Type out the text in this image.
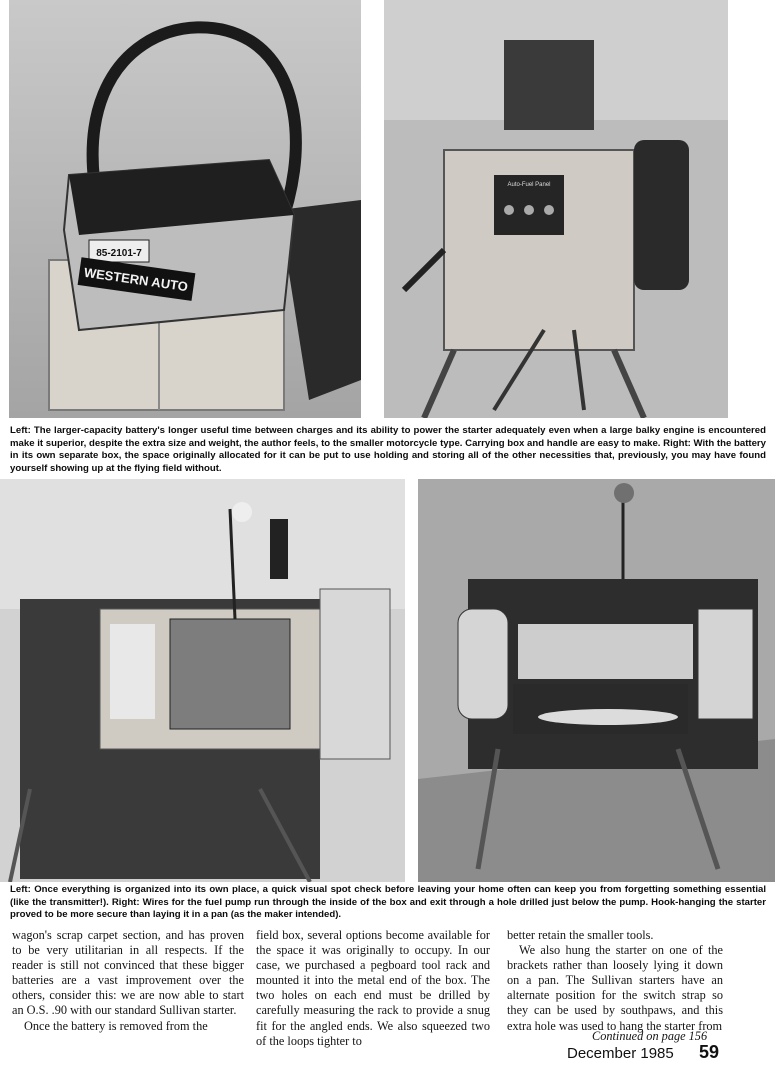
85-2101-7
WESTERN AUTO
Auto-Fuel Panel
Left: The larger-capacity battery's longer useful time between charges and its ability to power the starter adequately even when a large balky engine is encountered make it superior, despite the extra size and weight, the author feels, to the smaller motorcycle type. Carrying box and handle are easy to make. Right: With the battery in its own separate box, the space originally allocated for it can be put to use holding and storing all of the other necessities that, previously, you may have found yourself showing up at the flying field without.
Left: Once everything is organized into its own place, a quick visual spot check before leaving your home often can keep you from forgetting something essential (like the transmitter!). Right: Wires for the fuel pump run through the inside of the box and exit through a hole drilled just below the pump. Hook-hanging the starter proved to be more secure than laying it in a pan (as the maker intended).

wagon's scrap carpet section, and has proven to be very utilitarian in all respects. If the reader is still not convinced that these bigger batteries are a vast improvement over the others, consider this: we are now able to start an O.S. .90 with our standard Sullivan starter.

Once the battery is removed from the

field box, several options become available for the space it was originally to occupy. In our case, we purchased a pegboard tool rack and mounted it into the metal end of the box. The two holes on each end must be drilled by carefully measuring the rack to provide a snug fit for the angled ends. We also squeezed two of the loops tighter to

better retain the smaller tools.

We also hung the starter on one of the brackets rather than loosely lying it down on a pan. The Sullivan starters have an alternate position for the switch strap so they can be used by southpaws, and this extra hole was used to hang the starter from

Continued on page 156
December 1985 59
